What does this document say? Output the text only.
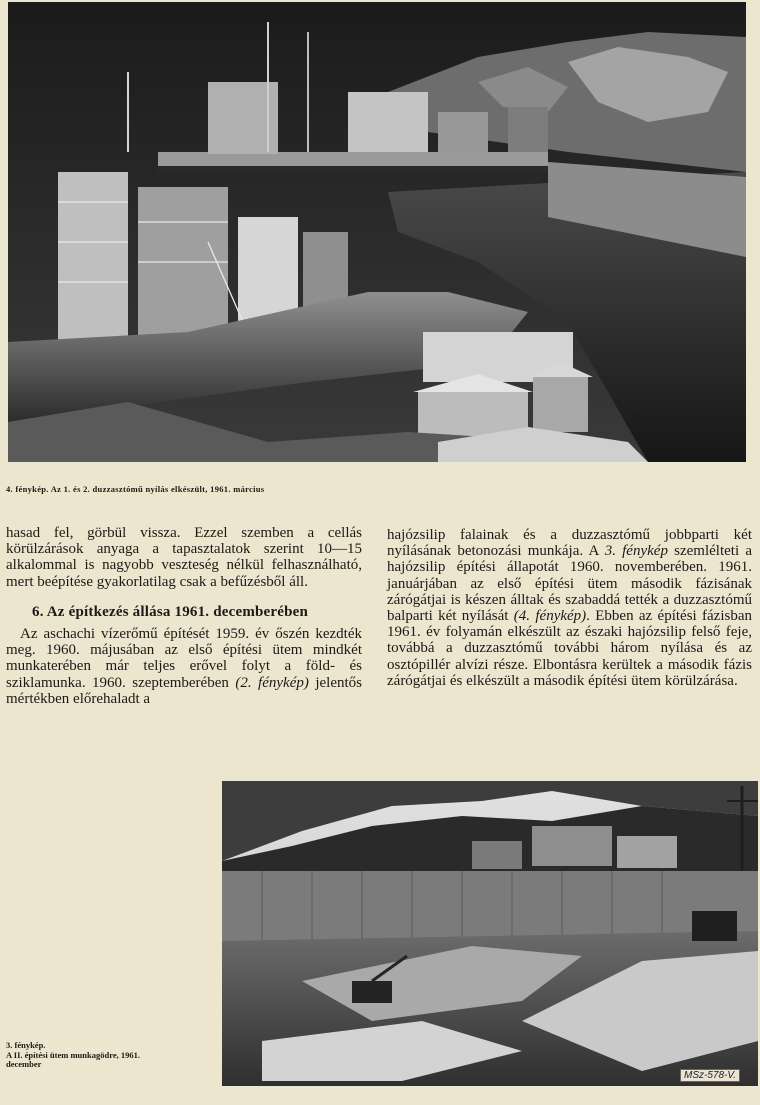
4. fénykép. Az 1. és 2. duzzasztómű nyílás elkészült, 1961. március

hasad fel, görbül vissza. Ezzel szemben a cellás körülzárások anyaga a tapasztalatok szerint 10—15 alkalommal is nagyobb veszteség nélkül felhasználható, mert beépítése gyakorlatilag csak a befűzésből áll.

6. Az építkezés állása 1961. decemberében

Az aschachi vízerőmű építését 1959. év őszén kezdték meg. 1960. májusában az első építési ütem mindkét munkaterében már teljes erővel folyt a föld- és sziklamunka. 1960. szeptemberében (2. fénykép) jelentős mértékben előrehaladt a

hajózsilip falainak és a duzzasztómű jobbparti két nyílásának betonozási munkája. A 3. fénykép szemlélteti a hajózsilip építési állapotát 1960. novemberében. 1961. januárjában az első építési ütem második fázisának zárógátjai is készen álltak és szabaddá tették a duzzasztómű balparti két nyílását (4. fénykép). Ebben az építési fázisban 1961. év folyamán elkészült az északi hajózsilip felső feje, továbbá a duzzasztómű további három nyílása és az osztópillér alvízi része. Elbontásra kerültek a második fázis zárógátjai és elkészült a második építési ütem körülzárása.

3. fénykép.
A II. építési ütem munkagödre, 1961.
december
MSz-578-V.
